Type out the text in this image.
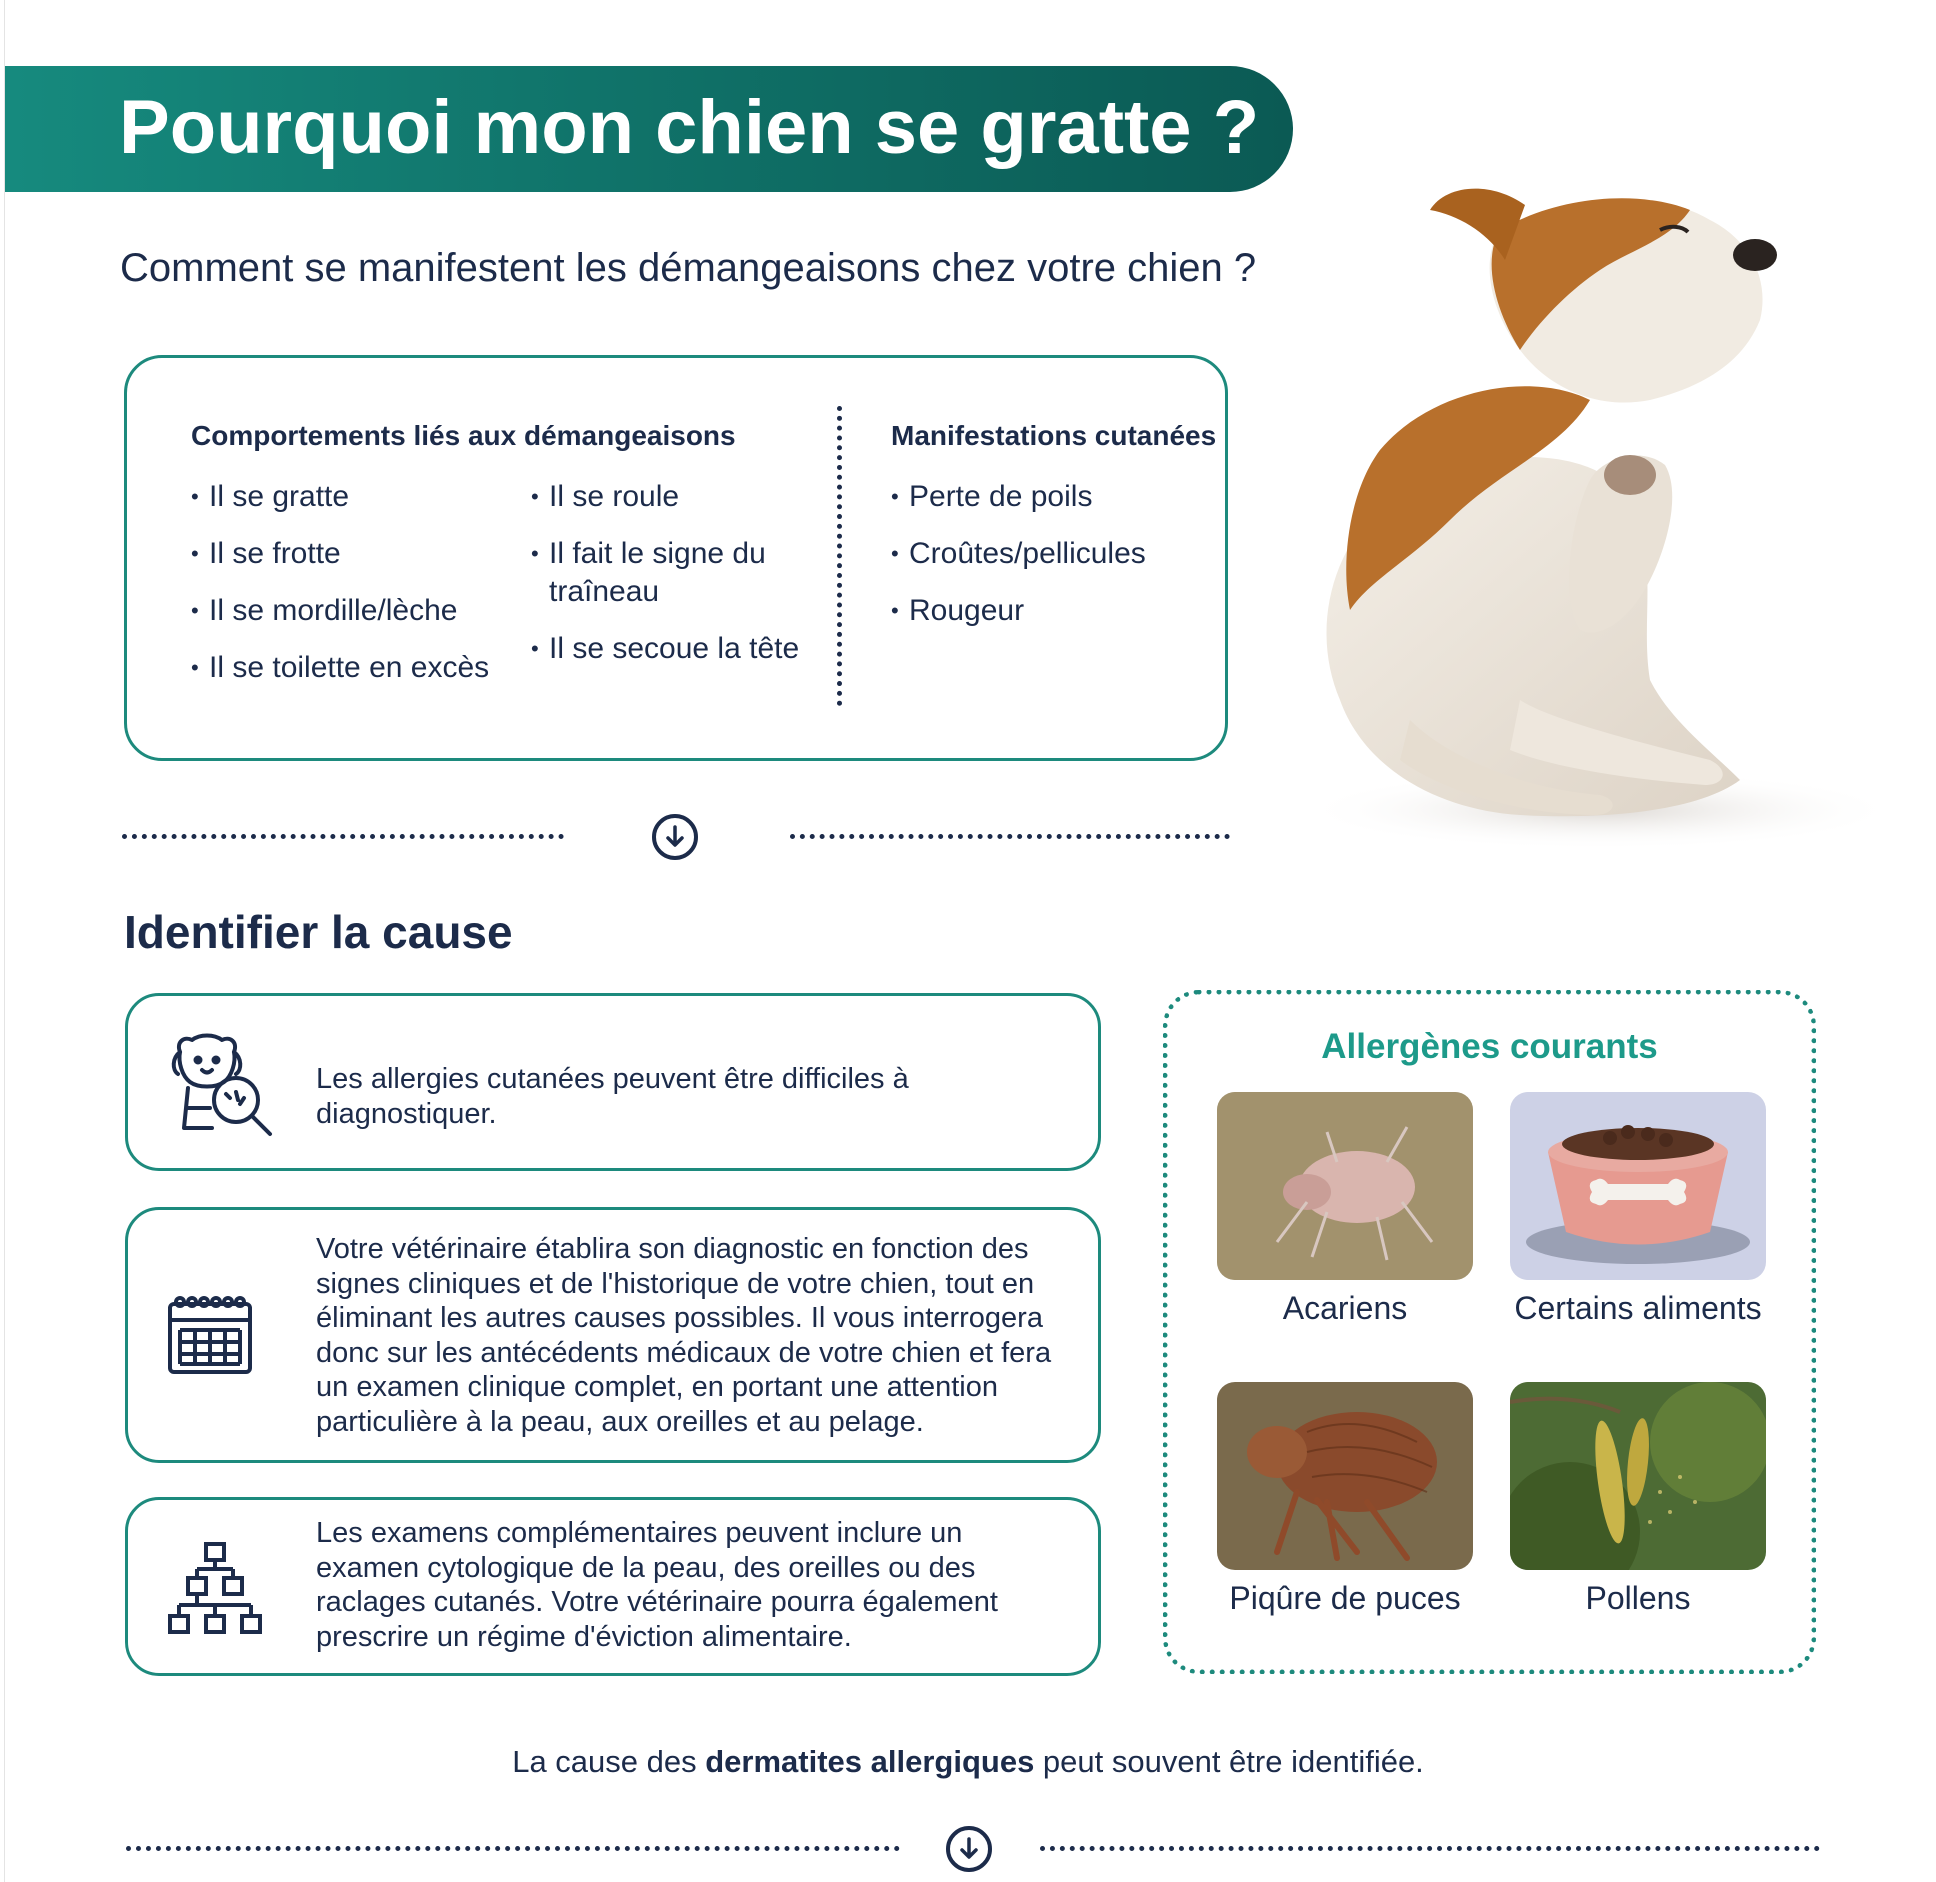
Pourquoi mon chien se gratte ?
Comment se manifestent les démangeaisons chez votre chien ?
Comportements liés aux démangeaisons
• Il se gratte
• Il se frotte
• Il se mordille/lèche
• Il se toilette en excès
• Il se roule
• Il fait le signe du traîneau
• Il se secoue la tête
Manifestations cutanées
• Perte de poils
• Croûtes/pellicules
• Rougeur
Identifier la cause
Les allergies cutanées peuvent être difficiles à diagnostiquer.
Votre vétérinaire établira son diagnostic en fonction des signes cliniques et de l'historique de votre chien, tout en éliminant les autres causes possibles. Il vous interrogera donc sur les antécédents médicaux de votre chien et fera un examen clinique complet, en portant une attention particulière à la peau, aux oreilles et au pelage.
Les examens complémentaires peuvent inclure un examen cytologique de la peau, des oreilles ou des raclages cutanés. Votre vétérinaire pourra également prescrire un régime d'éviction alimentaire.
Allergènes courants
Acariens	Certains aliments
Piqûre de puces	Pollens
La cause des dermatites allergiques peut souvent être identifiée.
